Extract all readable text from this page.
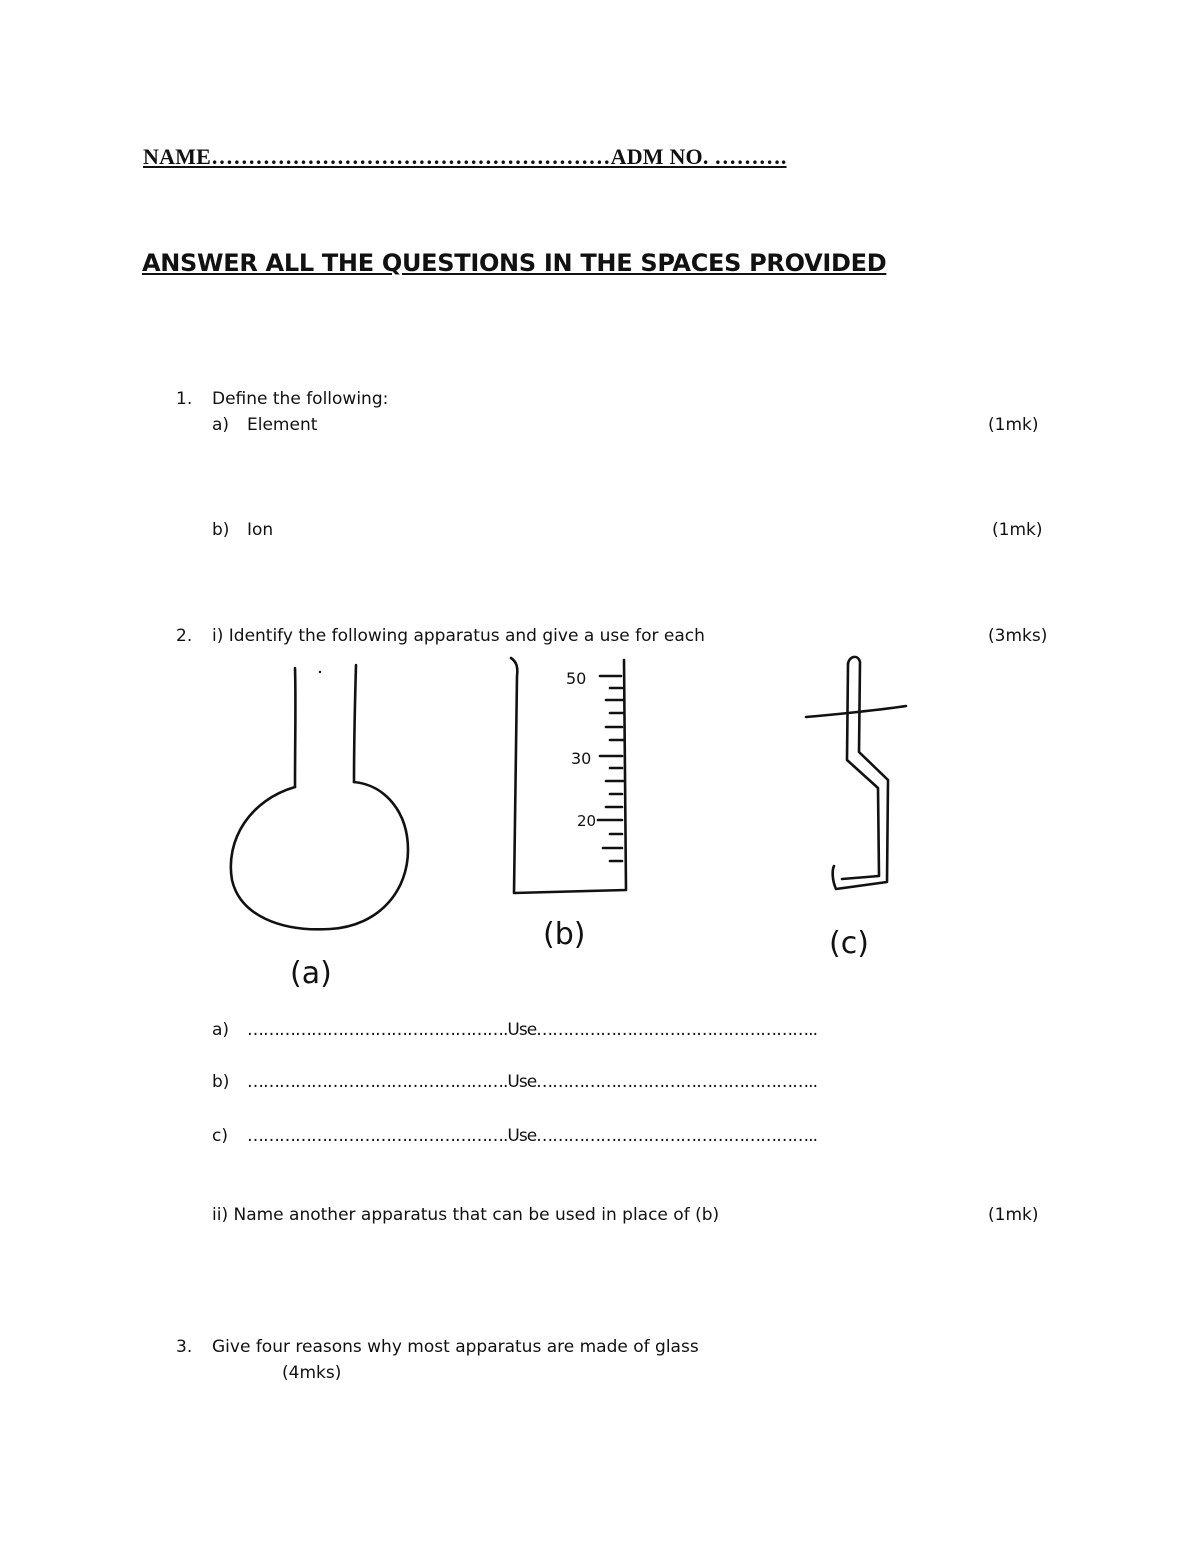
NAME………………………………………………ADM NO. ……….
ANSWER ALL THE QUESTIONS IN THE SPACES PROVIDED
1. Define the following:
a) Element	(1mk)
b) Ion	(1mk)
2. i) Identify the following apparatus and give a use for each	(3mks)
(a)
(b)	(c)
50
30
20
a) ………………………………………….Use……………………………………………..
b) ………………………………………….Use……………………………………………..
c) ………………………………………….Use……………………………………………..
ii) Name another apparatus that can be used in place of (b)	(1mk)
3. Give four reasons why most apparatus are made of glass
(4mks)
